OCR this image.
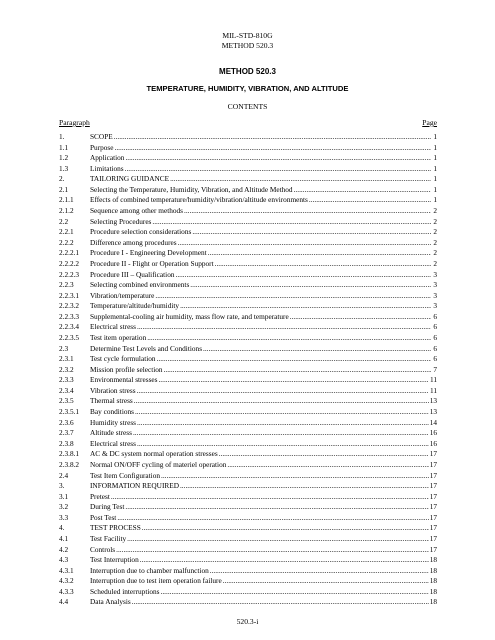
MIL-STD-810G
METHOD 520.3
METHOD 520.3
TEMPERATURE, HUMIDITY, VIBRATION, AND ALTITUDE
CONTENTS
Paragraph	Page
1.	SCOPE .....	1
1.1	Purpose .....	1
1.2	Application .....	1
1.3	Limitations .....	1
2.	TAILORING GUIDANCE .....	1
2.1	Selecting the Temperature, Humidity, Vibration, and Altitude Method .....	1
2.1.1	Effects of combined temperature/humidity/vibration/altitude environments .....	1
2.1.2	Sequence among other methods .....	2
2.2	Selecting Procedures .....	2
2.2.1	Procedure selection considerations .....	2
2.2.2	Difference among procedures .....	2
2.2.2.1	Procedure I - Engineering Development .....	2
2.2.2.2	Procedure II - Flight or Operation Support .....	2
2.2.2.3	Procedure III – Qualification .....	3
2.2.3	Selecting combined environments .....	3
2.2.3.1	Vibration/temperature .....	3
2.2.3.2	Temperature/altitude/humidity .....	3
2.2.3.3	Supplemental-cooling air humidity, mass flow rate, and temperature .....	6
2.2.3.4	Electrical stress .....	6
2.2.3.5	Test item operation .....	6
2.3	Determine Test Levels and Conditions .....	6
2.3.1	Test cycle formulation .....	6
2.3.2	Mission profile selection .....	7
2.3.3	Environmental stresses .....	11
2.3.4	Vibration stress .....	11
2.3.5	Thermal stress .....	13
2.3.5.1	Bay conditions .....	13
2.3.6	Humidity stress .....	14
2.3.7	Altitude stress .....	16
2.3.8	Electrical stress .....	16
2.3.8.1	AC & DC system normal operation stresses .....	17
2.3.8.2	Normal ON/OFF cycling of materiel operation .....	17
2.4	Test Item Configuration .....	17
3.	INFORMATION REQUIRED .....	17
3.1	Pretest .....	17
3.2	During Test .....	17
3.3	Post Test .....	17
4.	TEST PROCESS .....	17
4.1	Test Facility .....	17
4.2	Controls .....	17
4.3	Test Interruption .....	18
4.3.1	Interruption due to chamber malfunction .....	18
4.3.2	Interruption due to test item operation failure .....	18
4.3.3	Scheduled interruptions .....	18
4.4	Data Analysis .....	18
520.3-i
